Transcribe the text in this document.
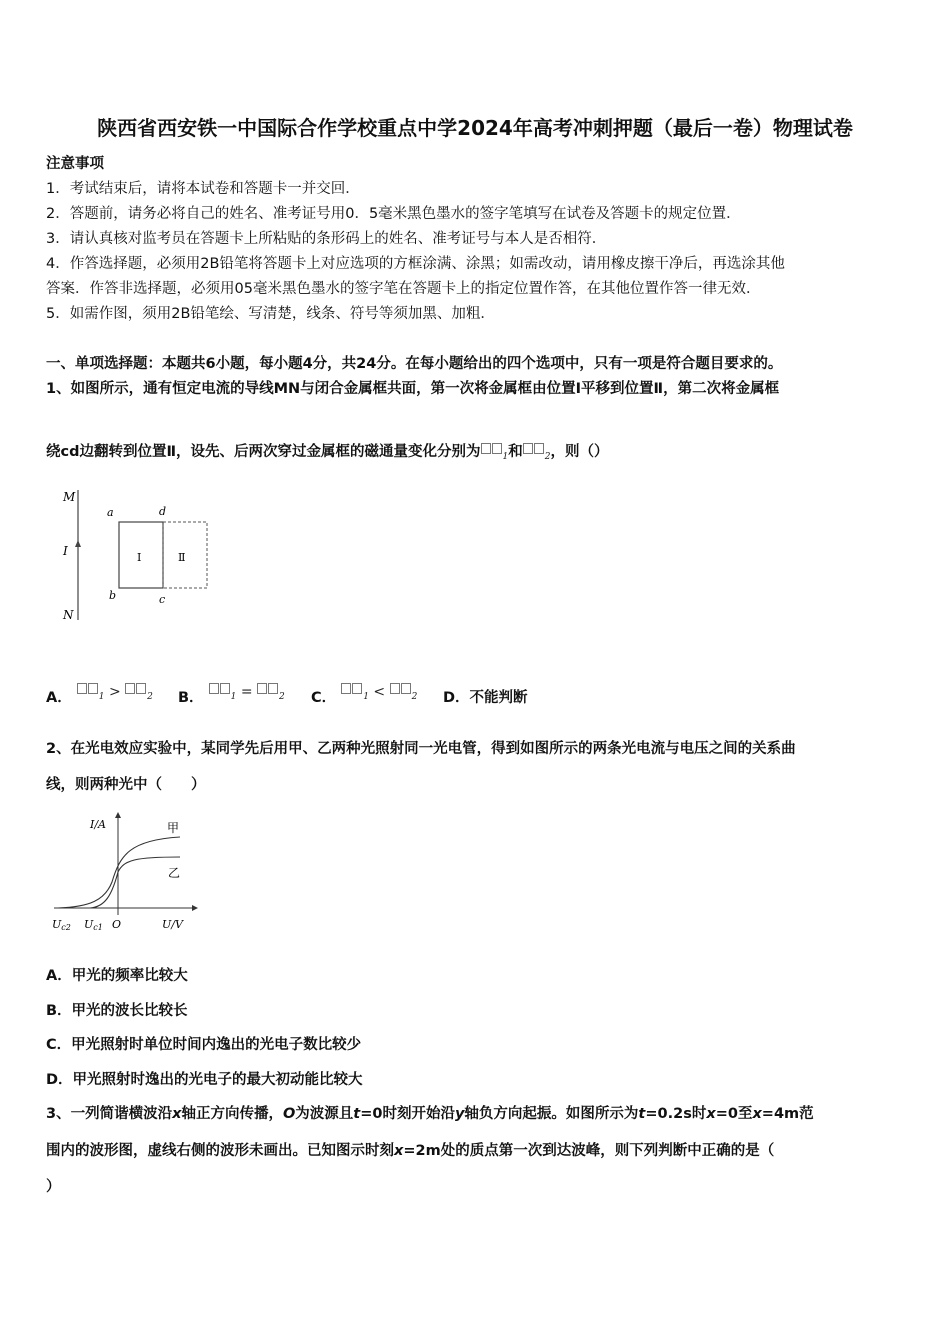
陕西省西安铁一中国际合作学校重点中学2024年高考冲刺押题（最后一卷）物理试卷
注意事项
1．考试结束后，请将本试卷和答题卡一并交回．
2．答题前，请务必将自己的姓名、准考证号用0．5毫米黑色墨水的签字笔填写在试卷及答题卡的规定位置．
3．请认真核对监考员在答题卡上所粘贴的条形码上的姓名、准考证号与本人是否相符．
4．作答选择题，必须用2B铅笔将答题卡上对应选项的方框涂满、涂黑；如需改动，请用橡皮擦干净后，再选涂其他
答案．作答非选择题，必须用05毫米黑色墨水的签字笔在答题卡上的指定位置作答，在其他位置作答一律无效．
5．如需作图，须用2B铅笔绘、写清楚，线条、符号等须加黑、加粗．
一、单项选择题：本题共6小题，每小题4分，共24分。在每小题给出的四个选项中，只有一项是符合题目要求的。
1、如图所示，通有恒定电流的导线MN与闭合金属框共面，第一次将金属框由位置Ⅰ平移到位置Ⅱ，第二次将金属框
绕cd边翻转到位置Ⅱ，设先、后两次穿过金属框的磁通量变化分别为 $_1$和 $_2$，则（）
M
I
N
a	d
b	c
Ⅰ	Ⅱ
A．	$_1$ >	$_2$ B．	$_1$ =	$_2$ C．	$_1$ <	$_2$ D．不能判断
2、在光电效应实验中，某同学先后用甲、乙两种光照射同一光电管，得到如图所示的两条光电流与电压之间的关系曲
线，则两种光中（　　）
I/A
U/V
O
Uc2 Uc1
甲
乙
A．甲光的频率比较大
B．甲光的波长比较长
C．甲光照射时单位时间内逸出的光电子数比较少
D．甲光照射时逸出的光电子的最大初动能比较大
3、一列简谐横波沿x轴正方向传播，O为波源且t=0时刻开始沿y轴负方向起振。如图所示为t=0.2s时x=0至x=4m范
围内的波形图，虚线右侧的波形未画出。已知图示时刻x=2m处的质点第一次到达波峰，则下列判断中正确的是（
）
